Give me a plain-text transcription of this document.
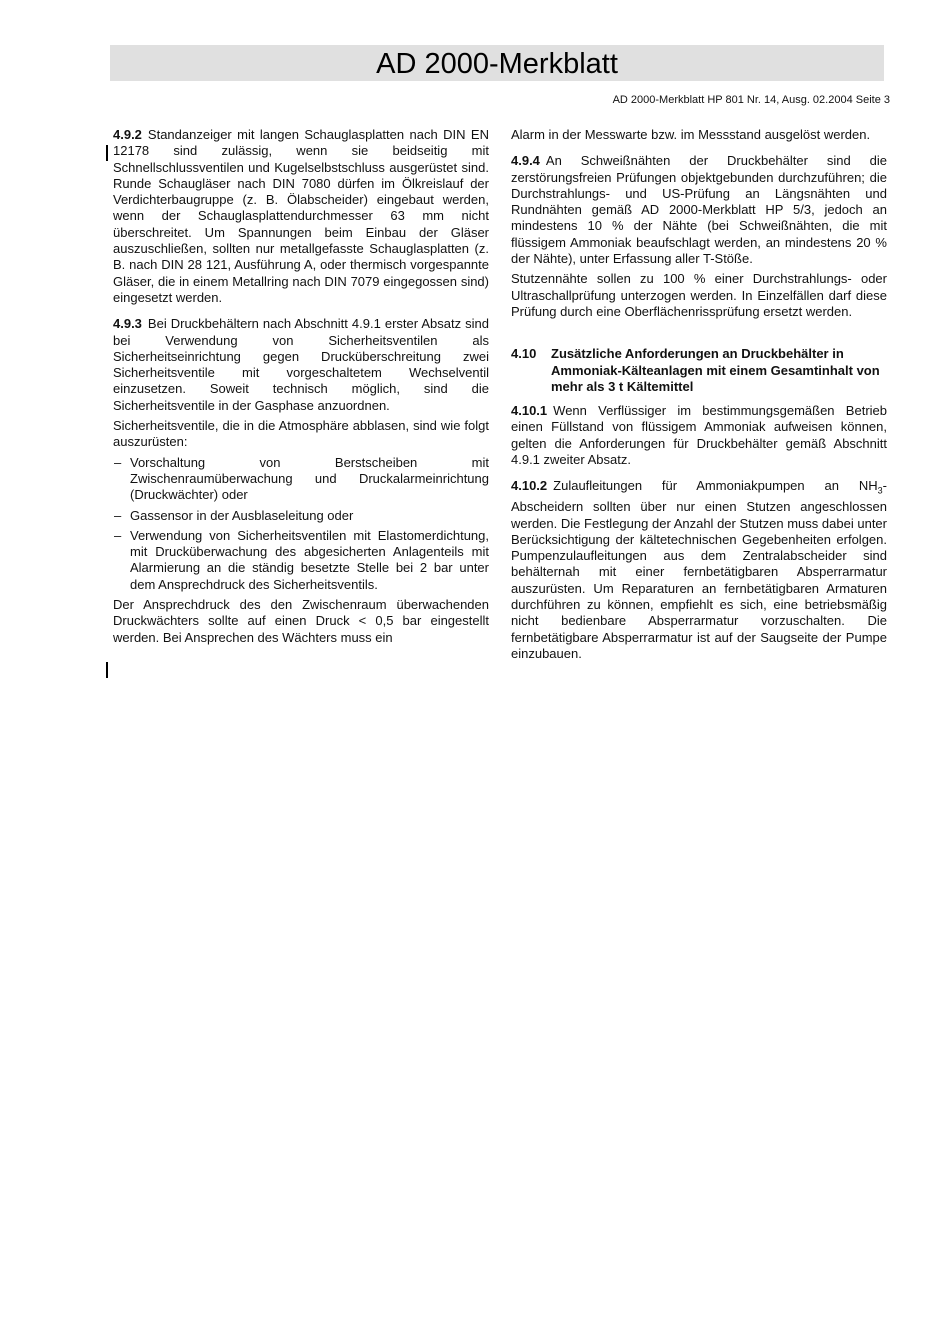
AD 2000-Merkblatt
AD 2000-Merkblatt HP 801 Nr. 14, Ausg. 02.2004 Seite 3

4.9.2 Standanzeiger mit langen Schauglasplatten nach DIN EN 12178 sind zulässig, wenn sie beidseitig mit Schnellschlussventilen und Kugelselbstschluss ausgerüstet sind. Runde Schaugläser nach DIN 7080 dürfen im Ölkreislauf der Verdichterbaugruppe (z. B. Ölabscheider) eingebaut werden, wenn der Schauglasplattendurchmesser 63 mm nicht überschreitet. Um Spannungen beim Einbau der Gläser auszuschließen, sollten nur metallgefasste Schauglasplatten (z. B. nach DIN 28 121, Ausführung A, oder thermisch vorgespannte Gläser, die in einem Metallring nach DIN 7079 eingegossen sind) eingesetzt werden.

4.9.3 Bei Druckbehältern nach Abschnitt 4.9.1 erster Absatz sind bei Verwendung von Sicherheitsventilen als Sicherheitseinrichtung gegen Drucküberschreitung zwei Sicherheitsventile mit vorgeschaltetem Wechselventil einzusetzen. Soweit technisch möglich, sind die Sicherheitsventile in der Gasphase anzuordnen.

Sicherheitsventile, die in die Atmosphäre abblasen, sind wie folgt auszurüsten:

– Vorschaltung von Berstscheiben mit Zwischenraumüberwachung und Druckalarmeinrichtung (Druckwächter) oder
– Gassensor in der Ausblaseleitung oder
– Verwendung von Sicherheitsventilen mit Elastomerdichtung, mit Drucküberwachung des abgesicherten Anlagenteils mit Alarmierung an die ständig besetzte Stelle bei 2 bar unter dem Ansprechdruck des Sicherheitsventils.

Der Ansprechdruck des den Zwischenraum überwachenden Druckwächters sollte auf einen Druck < 0,5 bar eingestellt werden. Bei Ansprechen des Wächters muss ein

Alarm in der Messwarte bzw. im Messstand ausgelöst werden.

4.9.4 An Schweißnähten der Druckbehälter sind die zerstörungsfreien Prüfungen objektgebunden durchzuführen; die Durchstrahlungs- und US-Prüfung an Längsnähten und Rundnähten gemäß AD 2000-Merkblatt HP 5/3, jedoch an mindestens 10 % der Nähte (bei Schweißnähten, die mit flüssigem Ammoniak beaufschlagt werden, an mindestens 20 % der Nähte), unter Erfassung aller T-Stöße.

Stutzennähte sollen zu 100 % einer Durchstrahlungs- oder Ultraschallprüfung unterzogen werden. In Einzelfällen darf diese Prüfung durch eine Oberflächenrissprüfung ersetzt werden.

4.10	Zusätzliche Anforderungen an Druckbehälter in Ammoniak-Kälteanlagen mit einem Gesamtinhalt von mehr als 3 t Kältemittel

4.10.1 Wenn Verflüssiger im bestimmungsgemäßen Betrieb einen Füllstand von flüssigem Ammoniak aufweisen können, gelten die Anforderungen für Druckbehälter gemäß Abschnitt 4.9.1 zweiter Absatz.

4.10.2 Zulaufleitungen für Ammoniakpumpen an $NH_3$-Abscheidern sollten über nur einen Stutzen angeschlossen werden. Die Festlegung der Anzahl der Stutzen muss dabei unter Berücksichtigung der kältetechnischen Gegebenheiten erfolgen. Pumpenzulaufleitungen aus dem Zentralabscheider sind behälternah mit einer fernbetätigbaren Absperrarmatur auszurüsten. Um Reparaturen an fernbetätigbaren Armaturen durchführen zu können, empfiehlt es sich, eine betriebsmäßig nicht bedienbare Absperrarmatur vorzuschalten. Die fernbetätigbare Absperrarmatur ist auf der Saugseite der Pumpe einzubauen.
